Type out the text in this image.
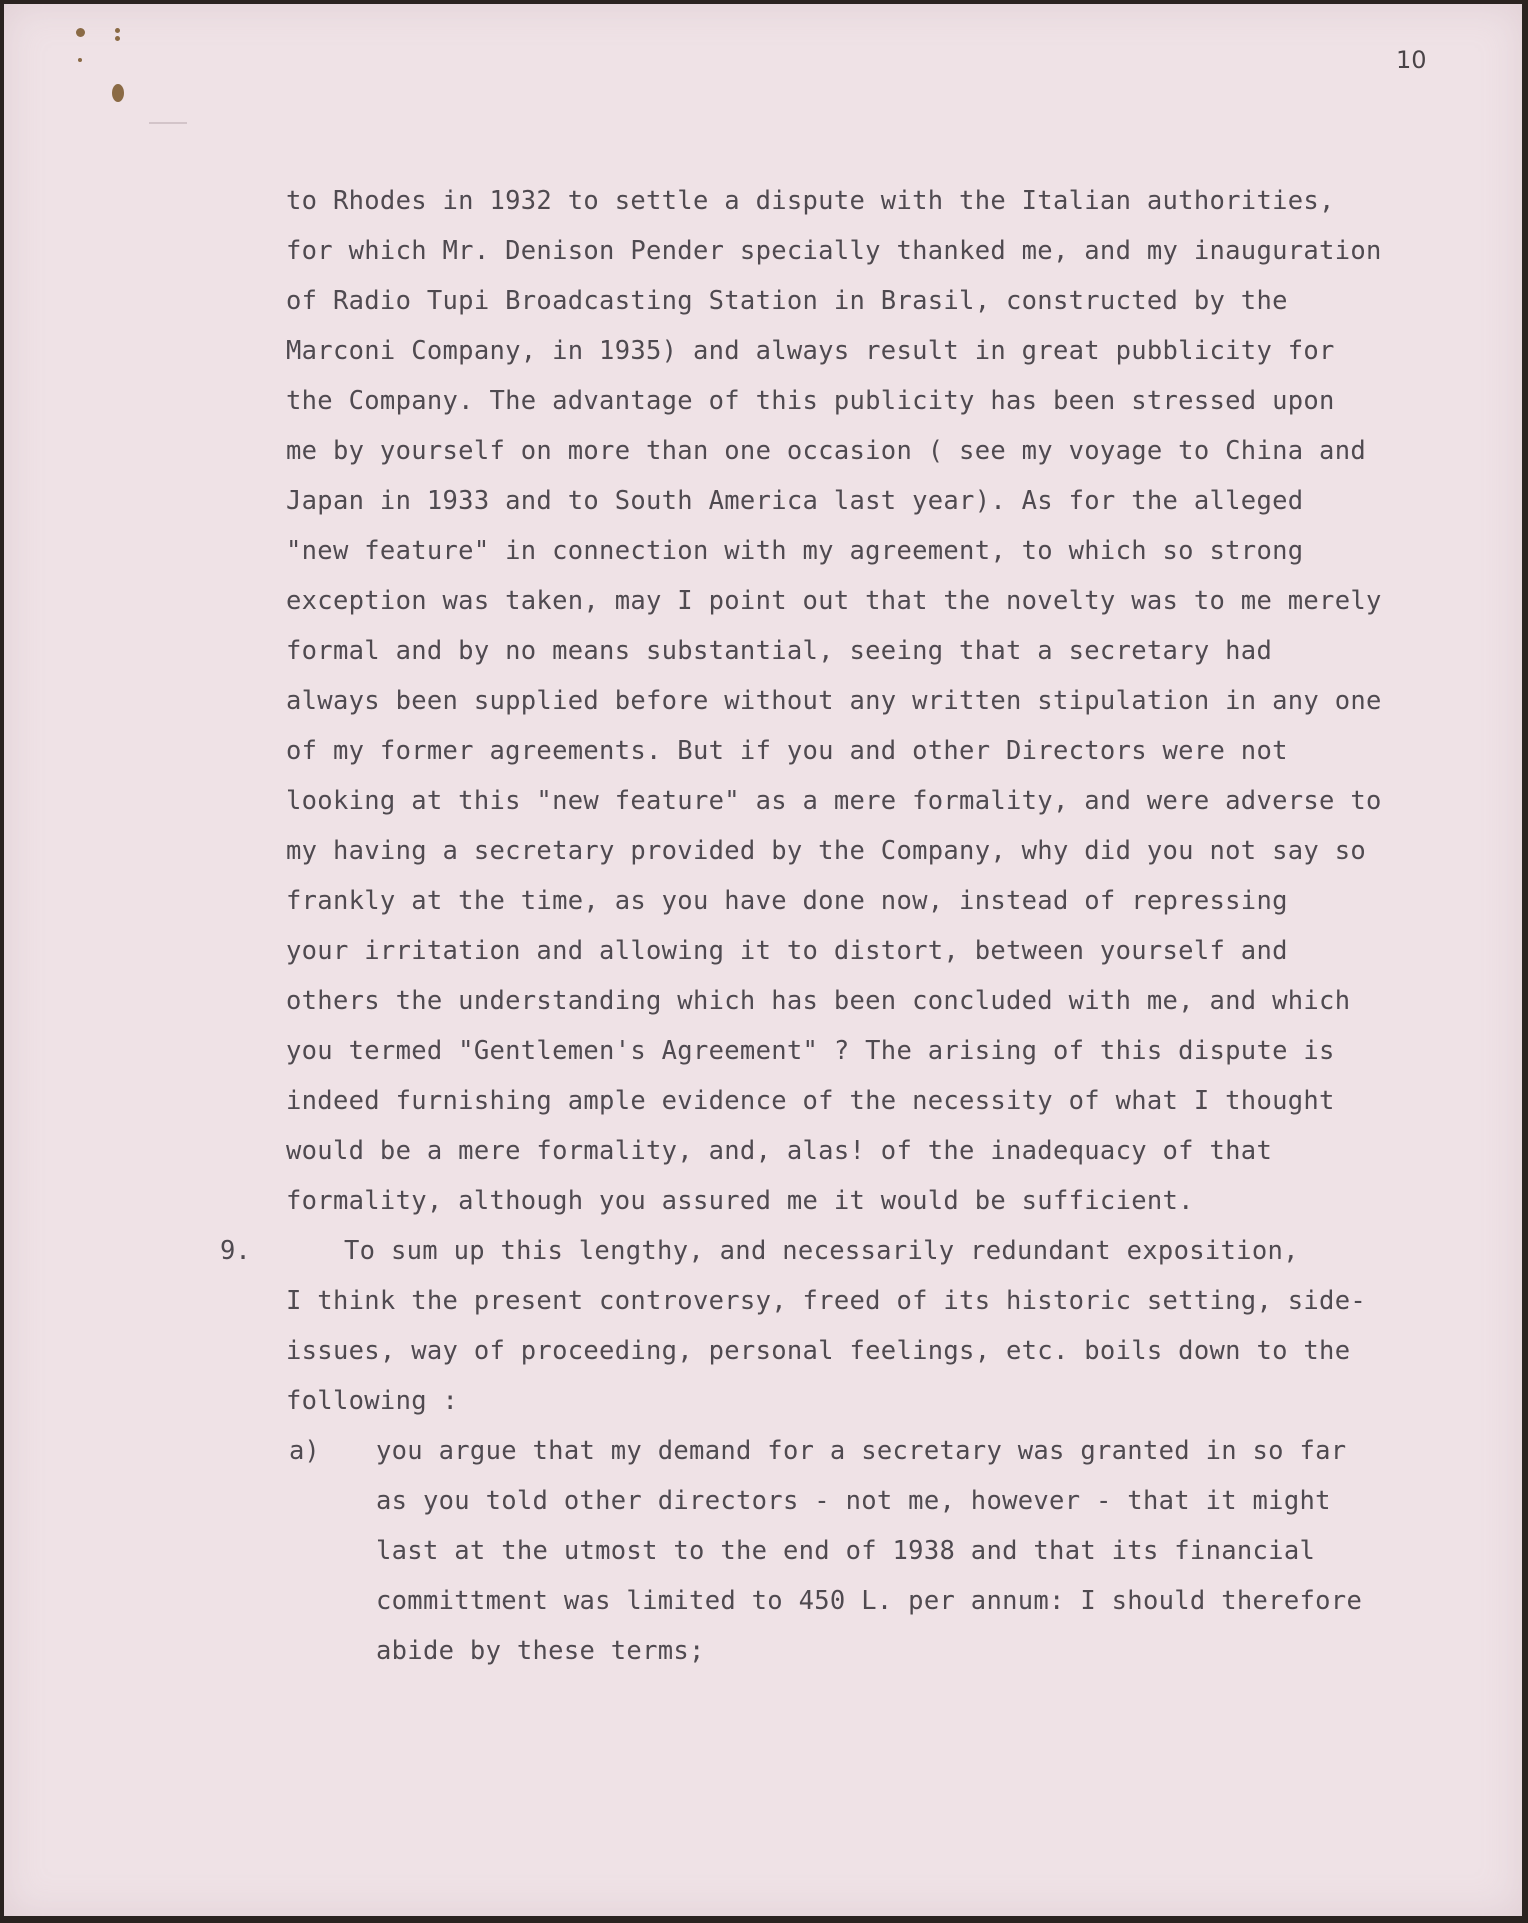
10
to Rhodes in 1932 to settle a dispute with the Italian authorities,
for which Mr. Denison Pender specially thanked me, and my inauguration
of Radio Tupi Broadcasting Station in Brasil, constructed by the
Marconi Company, in 1935) and always result in great pubblicity for
the Company. The advantage of this publicity has been stressed upon
me by yourself on more than one occasion ( see my voyage to China and
Japan in 1933 and to South America last year). As for the alleged
"new feature" in connection with my agreement, to which so strong
exception was taken, may I point out that the novelty was to me merely
formal and by no means substantial, seeing that a secretary had
always been supplied before without any written stipulation in any one
of my former agreements. But if you and other Directors were not
looking at this "new feature" as a mere formality, and were adverse to
my having a secretary provided by the Company, why did you not say so
frankly at the time, as you have done now, instead of repressing
your irritation and allowing it to distort, between yourself and
others the understanding which has been concluded with me, and which
you termed "Gentlemen's Agreement" ? The arising of this dispute is
indeed furnishing ample evidence of the necessity of what I thought
would be a mere formality, and, alas! of the inadequacy of that
formality, although you assured me it would be sufficient.
9.	To sum up this lengthy, and necessarily redundant exposition,
I think the present controversy, freed of its historic setting, side-
issues, way of proceeding, personal feelings, etc. boils down to the
following :
a) you argue that my demand for a secretary was granted in so far
as you told other directors - not me, however - that it might
last at the utmost to the end of 1938 and that its financial
committment was limited to 450 L. per annum: I should therefore
abide by these terms;
